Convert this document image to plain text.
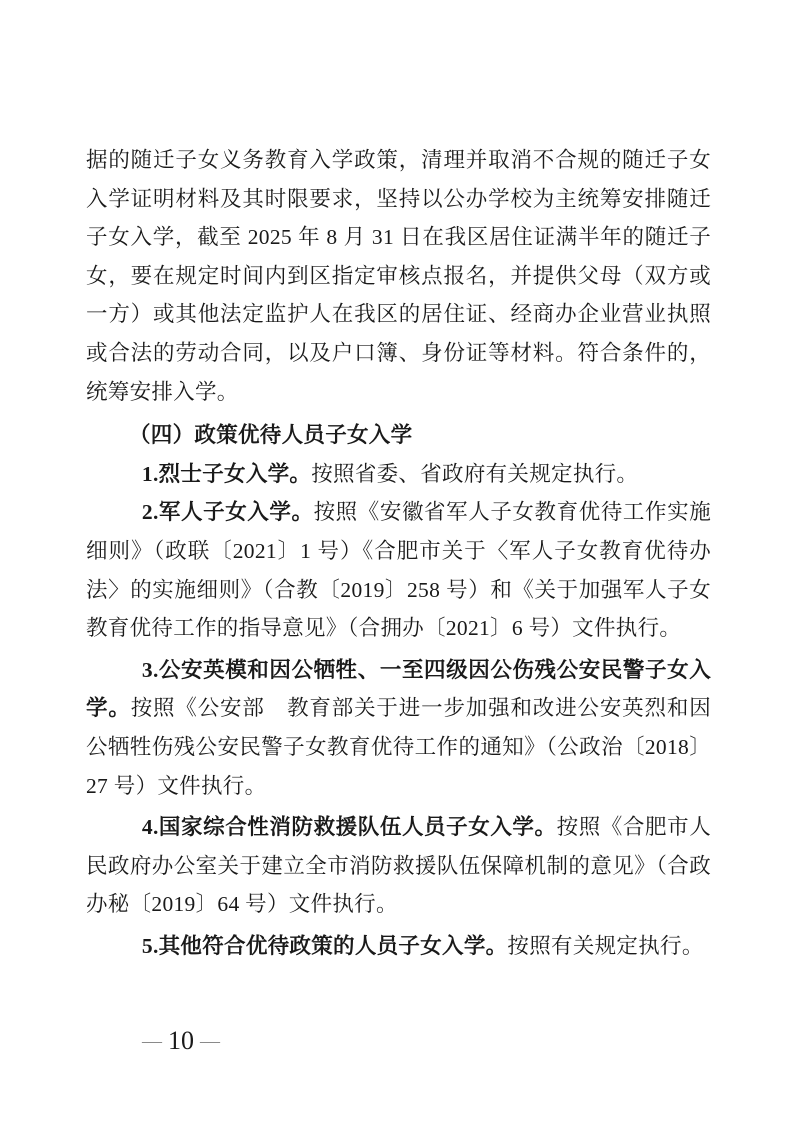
据的随迁子女义务教育入学政策，清理并取消不合规的随迁子女入学证明材料及其时限要求，坚持以公办学校为主统筹安排随迁子女入学，截至 2025 年 8 月 31 日在我区居住证满半年的随迁子女，要在规定时间内到区指定审核点报名，并提供父母（双方或一方）或其他法定监护人在我区的居住证、经商办企业营业执照或合法的劳动合同，以及户口簿、身份证等材料。符合条件的，统筹安排入学。

（四）政策优待人员子女入学

1.烈士子女入学。按照省委、省政府有关规定执行。

2.军人子女入学。按照《安徽省军人子女教育优待工作实施细则》（政联〔2021〕1 号）《合肥市关于〈军人子女教育优待办法〉的实施细则》（合教〔2019〕258 号）和《关于加强军人子女教育优待工作的指导意见》（合拥办〔2021〕6 号）文件执行。

3.公安英模和因公牺牲、一至四级因公伤残公安民警子女入学。按照《公安部　教育部关于进一步加强和改进公安英烈和因公牺牲伤残公安民警子女教育优待工作的通知》（公政治〔2018〕27 号）文件执行。

4.国家综合性消防救援队伍人员子女入学。按照《合肥市人民政府办公室关于建立全市消防救援队伍保障机制的意见》（合政办秘〔2019〕64 号）文件执行。

5.其他符合优待政策的人员子女入学。按照有关规定执行。

— 10 —
